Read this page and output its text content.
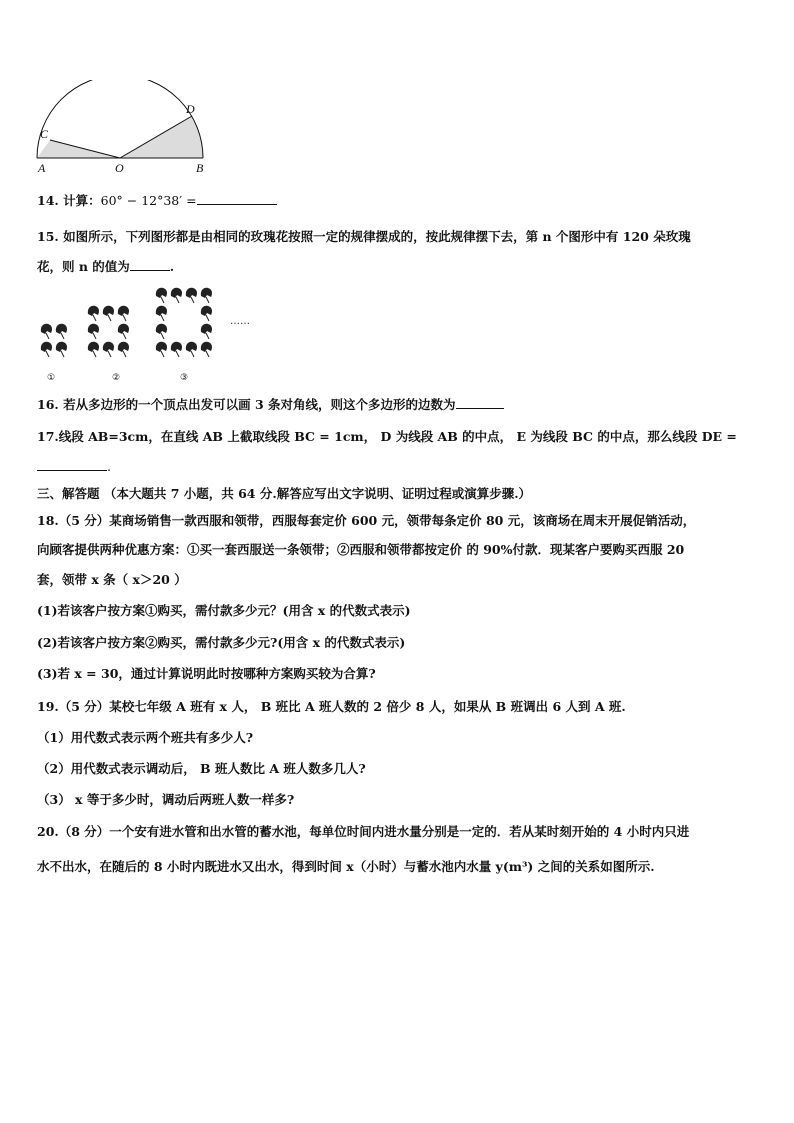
A	O	B
C
D
14. 计算：60° − 12°38′ =
15. 如图所示，下列图形都是由相同的玫瑰花按照一定的规律摆成的，按此规律摆下去，第 n 个图形中有 120 朵玫瑰
花，则 n 的值为	.
……
①	②	③
16. 若从多边形的一个顶点出发可以画 3 条对角线，则这个多边形的边数为
17.线段 AB=3cm，在直线 AB 上截取线段 BC = 1cm， D 为线段 AB 的中点， E 为线段 BC 的中点，那么线段 DE =
.
三、解答题 （本大题共 7 小题，共 64 分.解答应写出文字说明、证明过程或演算步骤.）
18.（5 分）某商场销售一款西服和领带，西服每套定价 600 元，领带每条定价 80 元，该商场在周末开展促销活动，
向顾客提供两种优惠方案：①买一套西服送一条领带；②西服和领带都按定价 的 90%付款．现某客户要购买西服 20
套，领带 x 条（ x＞20 ）
(1)若该客户按方案①购买，需付款多少元？(用含 x 的代数式表示)
(2)若该客户按方案②购买，需付款多少元?(用含 x 的代数式表示)
(3)若 x = 30，通过计算说明此时按哪种方案购买较为合算?
19.（5 分）某校七年级 A 班有 x 人， B 班比 A 班人数的 2 倍少 8 人，如果从 B 班调出 6 人到 A 班.
（1）用代数式表示两个班共有多少人?
（2）用代数式表示调动后， B 班人数比 A 班人数多几人?
（3） x 等于多少时，调动后两班人数一样多?
20.（8 分）一个安有进水管和出水管的蓄水池，每单位时间内进水量分别是一定的．若从某时刻开始的 4 小时内只进
水不出水，在随后的 8 小时内既进水又出水，得到时间 x（小时）与蓄水池内水量 y(m³) 之间的关系如图所示.
